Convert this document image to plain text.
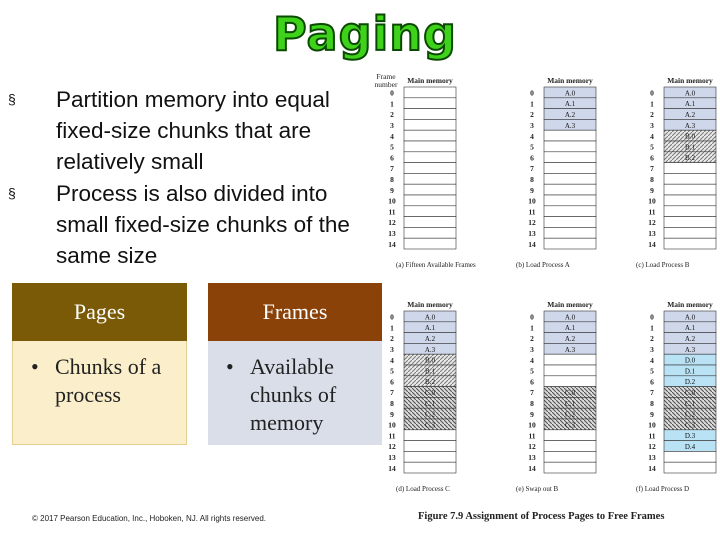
Paging
§ Partition memory into equal fixed-size chunks that are relatively small
§ Process is also divided into small fixed-size chunks of the same size
Pages
• Chunks of a process
Frames
• Available chunks of memory
© 2017 Pearson Education, Inc., Hoboken, NJ. All rights reserved.
Frame
number Main memory
0
1
2
3
4
5
6
7
8
9
10
11
12
13
14
(a) Fifteen Available Frames
Main memory
0	A.0
1	A.1
2	A.2
3	A.3
4
5
6
7
8
9
10
11
12
13
14
(b) Load Process A
Main memory
0	A.0
1	A.1
2	A.2
3	A.3
4	B.0
5	B.1
6	B.2
7
8
9
10
11
12
13
14
(c) Load Process B
Main memory
0	A.0
1	A.1
2	A.2
3	A.3
4	B.0
5	B.1
6	B.2
7	C.0
8	C.1
9	C.2
10	C.3
11
12
13
14
(d) Load Process C
Main memory
0	A.0
1	A.1
2	A.2
3	A.3
4
5
6
7	C.0
8	C.1
9	C.2
10	C.3
11
12
13
14
(e) Swap out B
Main memory
0	A.0
1	A.1
2	A.2
3	A.3
4	D.0
5	D.1
6	D.2
7	C.0
8	C.1
9	C.2
10	C.3
11	D.3
12	D.4
13
14
(f) Load Process D
Figure 7.9 Assignment of Process Pages to Free Frames
